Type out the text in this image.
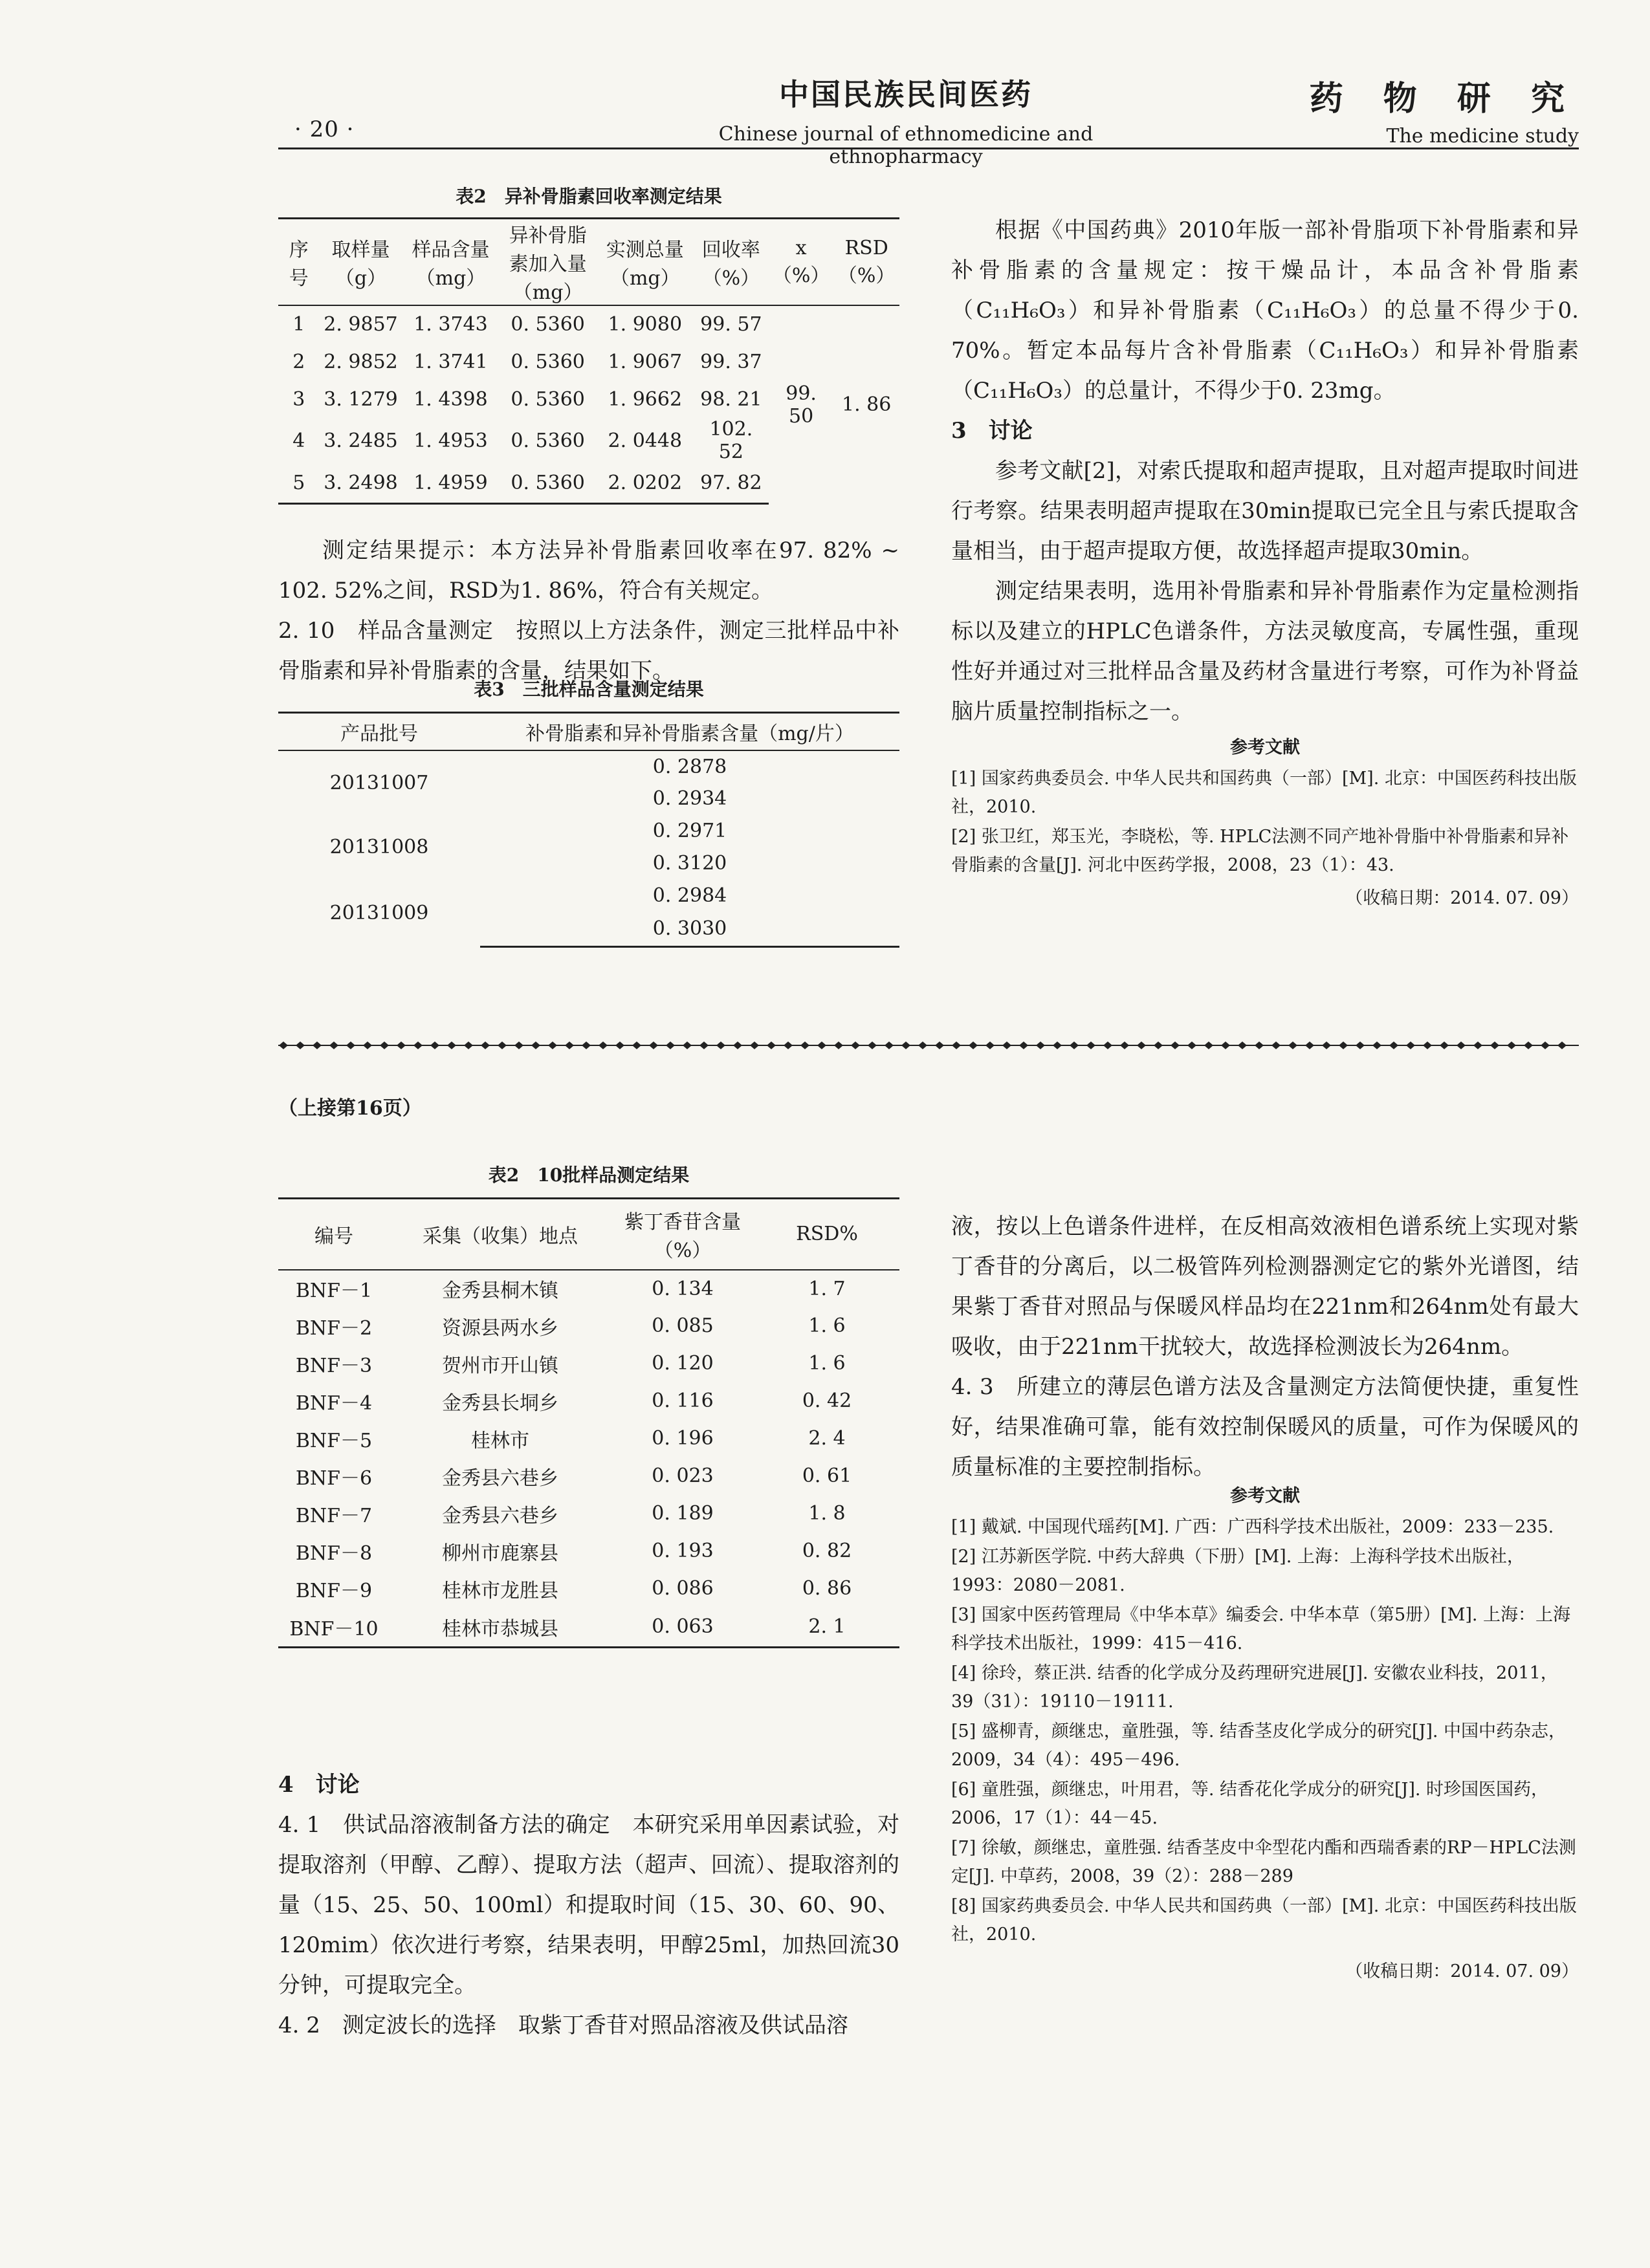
· 20 ·
中国民族民间医药
Chinese journal of ethnomedicine and ethnopharmacy
药 物 研 究
The medicine study
表2　异补骨脂素回收率测定结果
序号	取样量（g）	样品含量（mg）	异补骨脂素加入量（mg）	实测总量（mg）	回收率（%）	x（%）	RSD（%）
1	2. 9857	1. 3743	0. 5360	1. 9080	99. 57	99. 50	1. 86
2	2. 9852	1. 3741	0. 5360	1. 9067	99. 37		
3	3. 1279	1. 4398	0. 5360	1. 9662	98. 21		
4	3. 2485	1. 4953	0. 5360	2. 0448	102. 52		
5	3. 2498	1. 4959	0. 5360	2. 0202	97. 82		

测定结果提示：本方法异补骨脂素回收率在97. 82% ~ 102. 52%之间，RSD为1. 86%，符合有关规定。

2. 10　样品含量测定　按照以上方法条件，测定三批样品中补骨脂素和异补骨脂素的含量，结果如下。

表3　三批样品含量测定结果
产品批号	补骨脂素和异补骨脂素含量（mg/片）
20131007	0. 2878
	0. 2934
20131008	0. 2971
	0. 3120
20131009	0. 2984
	0. 3030

根据《中国药典》2010年版一部补骨脂项下补骨脂素和异补骨脂素的含量规定：按干燥品计，本品含补骨脂素（C₁₁H₆O₃）和异补骨脂素（C₁₁H₆O₃）的总量不得少于0. 70%。暂定本品每片含补骨脂素（C₁₁H₆O₃）和异补骨脂素（C₁₁H₆O₃）的总量计，不得少于0. 23mg。

3　讨论

参考文献[2]，对索氏提取和超声提取，且对超声提取时间进行考察。结果表明超声提取在30min提取已完全且与索氏提取含量相当，由于超声提取方便，故选择超声提取30min。

测定结果表明，选用补骨脂素和异补骨脂素作为定量检测指标以及建立的HPLC色谱条件，方法灵敏度高，专属性强，重现性好并通过对三批样品含量及药材含量进行考察，可作为补肾益脑片质量控制指标之一。

参考文献

[1] 国家药典委员会. 中华人民共和国药典（一部）[M]. 北京：中国医药科技出版社，2010.

[2] 张卫红，郑玉光，李晓松，等. HPLC法测不同产地补骨脂中补骨脂素和异补骨脂素的含量[J]. 河北中医药学报，2008，23（1）：43.

（收稿日期：2014. 07. 09）
（上接第16页）
表2　10批样品测定结果
编号	采集（收集）地点	紫丁香苷含量（%）	RSD%
BNF－1	金秀县桐木镇	0. 134	1. 7
BNF－2	资源县两水乡	0. 085	1. 6
BNF－3	贺州市开山镇	0. 120	1. 6
BNF－4	金秀县长垌乡	0. 116	0. 42
BNF－5	桂林市	0. 196	2. 4
BNF－6	金秀县六巷乡	0. 023	0. 61
BNF－7	金秀县六巷乡	0. 189	1. 8
BNF－8	柳州市鹿寨县	0. 193	0. 82
BNF－9	桂林市龙胜县	0. 086	0. 86
BNF－10	桂林市恭城县	0. 063	2. 1

4　讨论

4. 1　供试品溶液制备方法的确定　本研究采用单因素试验，对提取溶剂（甲醇、乙醇）、提取方法（超声、回流）、提取溶剂的量（15、25、50、100ml）和提取时间（15、30、60、90、120mim）依次进行考察，结果表明，甲醇25ml，加热回流30分钟，可提取完全。

4. 2　测定波长的选择　取紫丁香苷对照品溶液及供试品溶

液，按以上色谱条件进样，在反相高效液相色谱系统上实现对紫丁香苷的分离后，以二极管阵列检测器测定它的紫外光谱图，结果紫丁香苷对照品与保暖风样品均在221nm和264nm处有最大吸收，由于221nm干扰较大，故选择检测波长为264nm。

4. 3　所建立的薄层色谱方法及含量测定方法简便快捷，重复性好，结果准确可靠，能有效控制保暖风的质量，可作为保暖风的质量标准的主要控制指标。

参考文献

[1] 戴斌. 中国现代瑶药[M]. 广西：广西科学技术出版社，2009：233－235.

[2] 江苏新医学院. 中药大辞典（下册）[M]. 上海：上海科学技术出版社，1993：2080－2081.

[3] 国家中医药管理局《中华本草》编委会. 中华本草（第5册）[M]. 上海：上海科学技术出版社，1999：415－416.

[4] 徐玲，蔡正洪. 结香的化学成分及药理研究进展[J]. 安徽农业科技，2011，39（31）：19110－19111.

[5] 盛柳青，颜继忠，童胜强，等. 结香茎皮化学成分的研究[J]. 中国中药杂志，2009，34（4）：495－496.

[6] 童胜强，颜继忠，叶用君，等. 结香花化学成分的研究[J]. 时珍国医国药，2006，17（1）：44－45.

[7] 徐敏，颜继忠，童胜强. 结香茎皮中伞型花内酯和西瑞香素的RP－HPLC法测定[J]. 中草药，2008，39（2）：288－289

[8] 国家药典委员会. 中华人民共和国药典（一部）[M]. 北京：中国医药科技出版社，2010.

（收稿日期：2014. 07. 09）
